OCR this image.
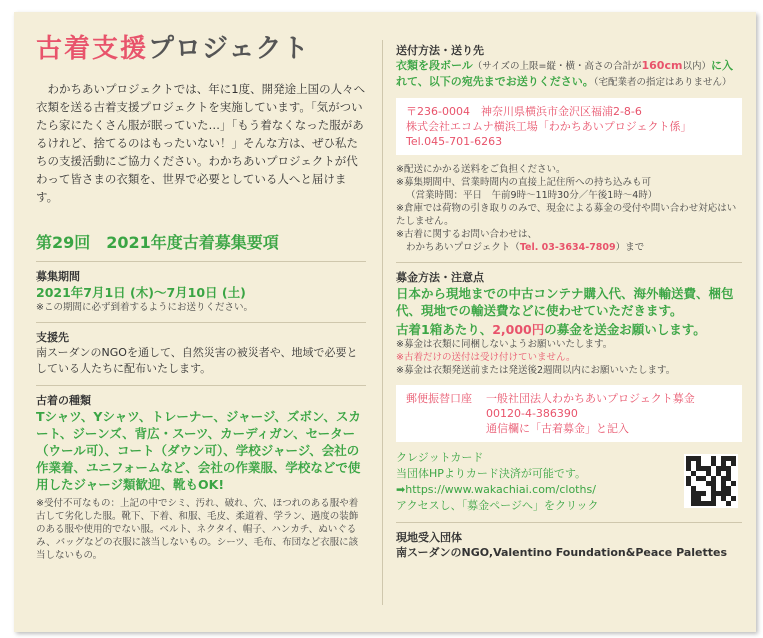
古着支援プロジェクト
わかちあいプロジェクトでは、年に1度、開発途上国の人々へ衣類を送る古着支援プロジェクトを実施しています。「気がついたら家にたくさん服が眠っていた…」「もう着なくなった服があるけれど、捨てるのはもったいない！」そんな方は、ぜひ私たちの支援活動にご協力ください。わかちあいプロジェクトが代わって皆さまの衣類を、世界で必要としている人へと届けます。
第29回　2021年度古着募集要項
募集期間
2021年7月1日 (木)～7月10日 (土)
※この期間に必ず到着するようにお送りください。
支援先
南スーダンのNGOを通して、自然災害の被災者や、地域で必要としている人たちに配布いたします。
古着の種類
Tシャツ、Yシャツ、トレーナー、ジャージ、ズボン、スカート、ジーンズ、背広・スーツ、カーディガン、セーター（ウール可）、コート（ダウン可）、学校ジャージ、会社の作業着、ユニフォームなど、会社の作業服、学校などで使用したジャージ類歓迎、靴もOK!
※受付不可なもの：上記の中でシミ、汚れ、破れ、穴、ほつれのある服や着古して劣化した服。靴下、下着、和服、毛皮、柔道着、学ラン、過度の装飾のある服や使用的でない服。ベルト、ネクタイ、帽子、ハンカチ、ぬいぐるみ、バッグなどの衣服に該当しないもの。シーツ、毛布、布団など衣服に該当しないもの。
送付方法・送り先
衣類を段ボール（サイズの上限=縦・横・高さの合計が160cm以内）に入れて、以下の宛先までお送りください。（宅配業者の指定はありません）
〒236-0004　神奈川県横浜市金沢区福浦2-8-6
株式会社エコムナ横浜工場「わかちあいプロジェクト係」
Tel.045-701-6263
※配送にかかる送料をご負担ください。
※募集期間中、営業時間内の直接上記住所への持ち込みも可
（営業時間：平日　午前9時～11時30分／午後1時～4時）
※倉庫では荷物の引き取りのみで、現金による募金の受付や問い合わせ対応はいたしません。
※古着に関するお問い合わせは、
わかちあいプロジェクト（Tel. 03-3634-7809）まで
募金方法・注意点
日本から現地までの中古コンテナ購入代、海外輸送費、梱包代、現地での輸送費などに使わせていただきます。
古着1箱あたり、2,000円の募金を送金お願いします。
※募金は衣類に同梱しないようお願いいたします。
※古着だけの送付は受け付けていません。
※募金は衣類発送前または発送後2週間以内にお願いいたします。
郵便振替口座 一般社団法人わかちあいプロジェクト募金
00120-4-386390
通信欄に「古着募金」と記入
クレジットカード
当団体HPよりカード決済が可能です。
➡https://www.wakachiai.com/cloths/
アクセスし、「募金ページへ」をクリック
現地受入団体
南スーダンのNGO,Valentino Foundation&Peace Palettes
